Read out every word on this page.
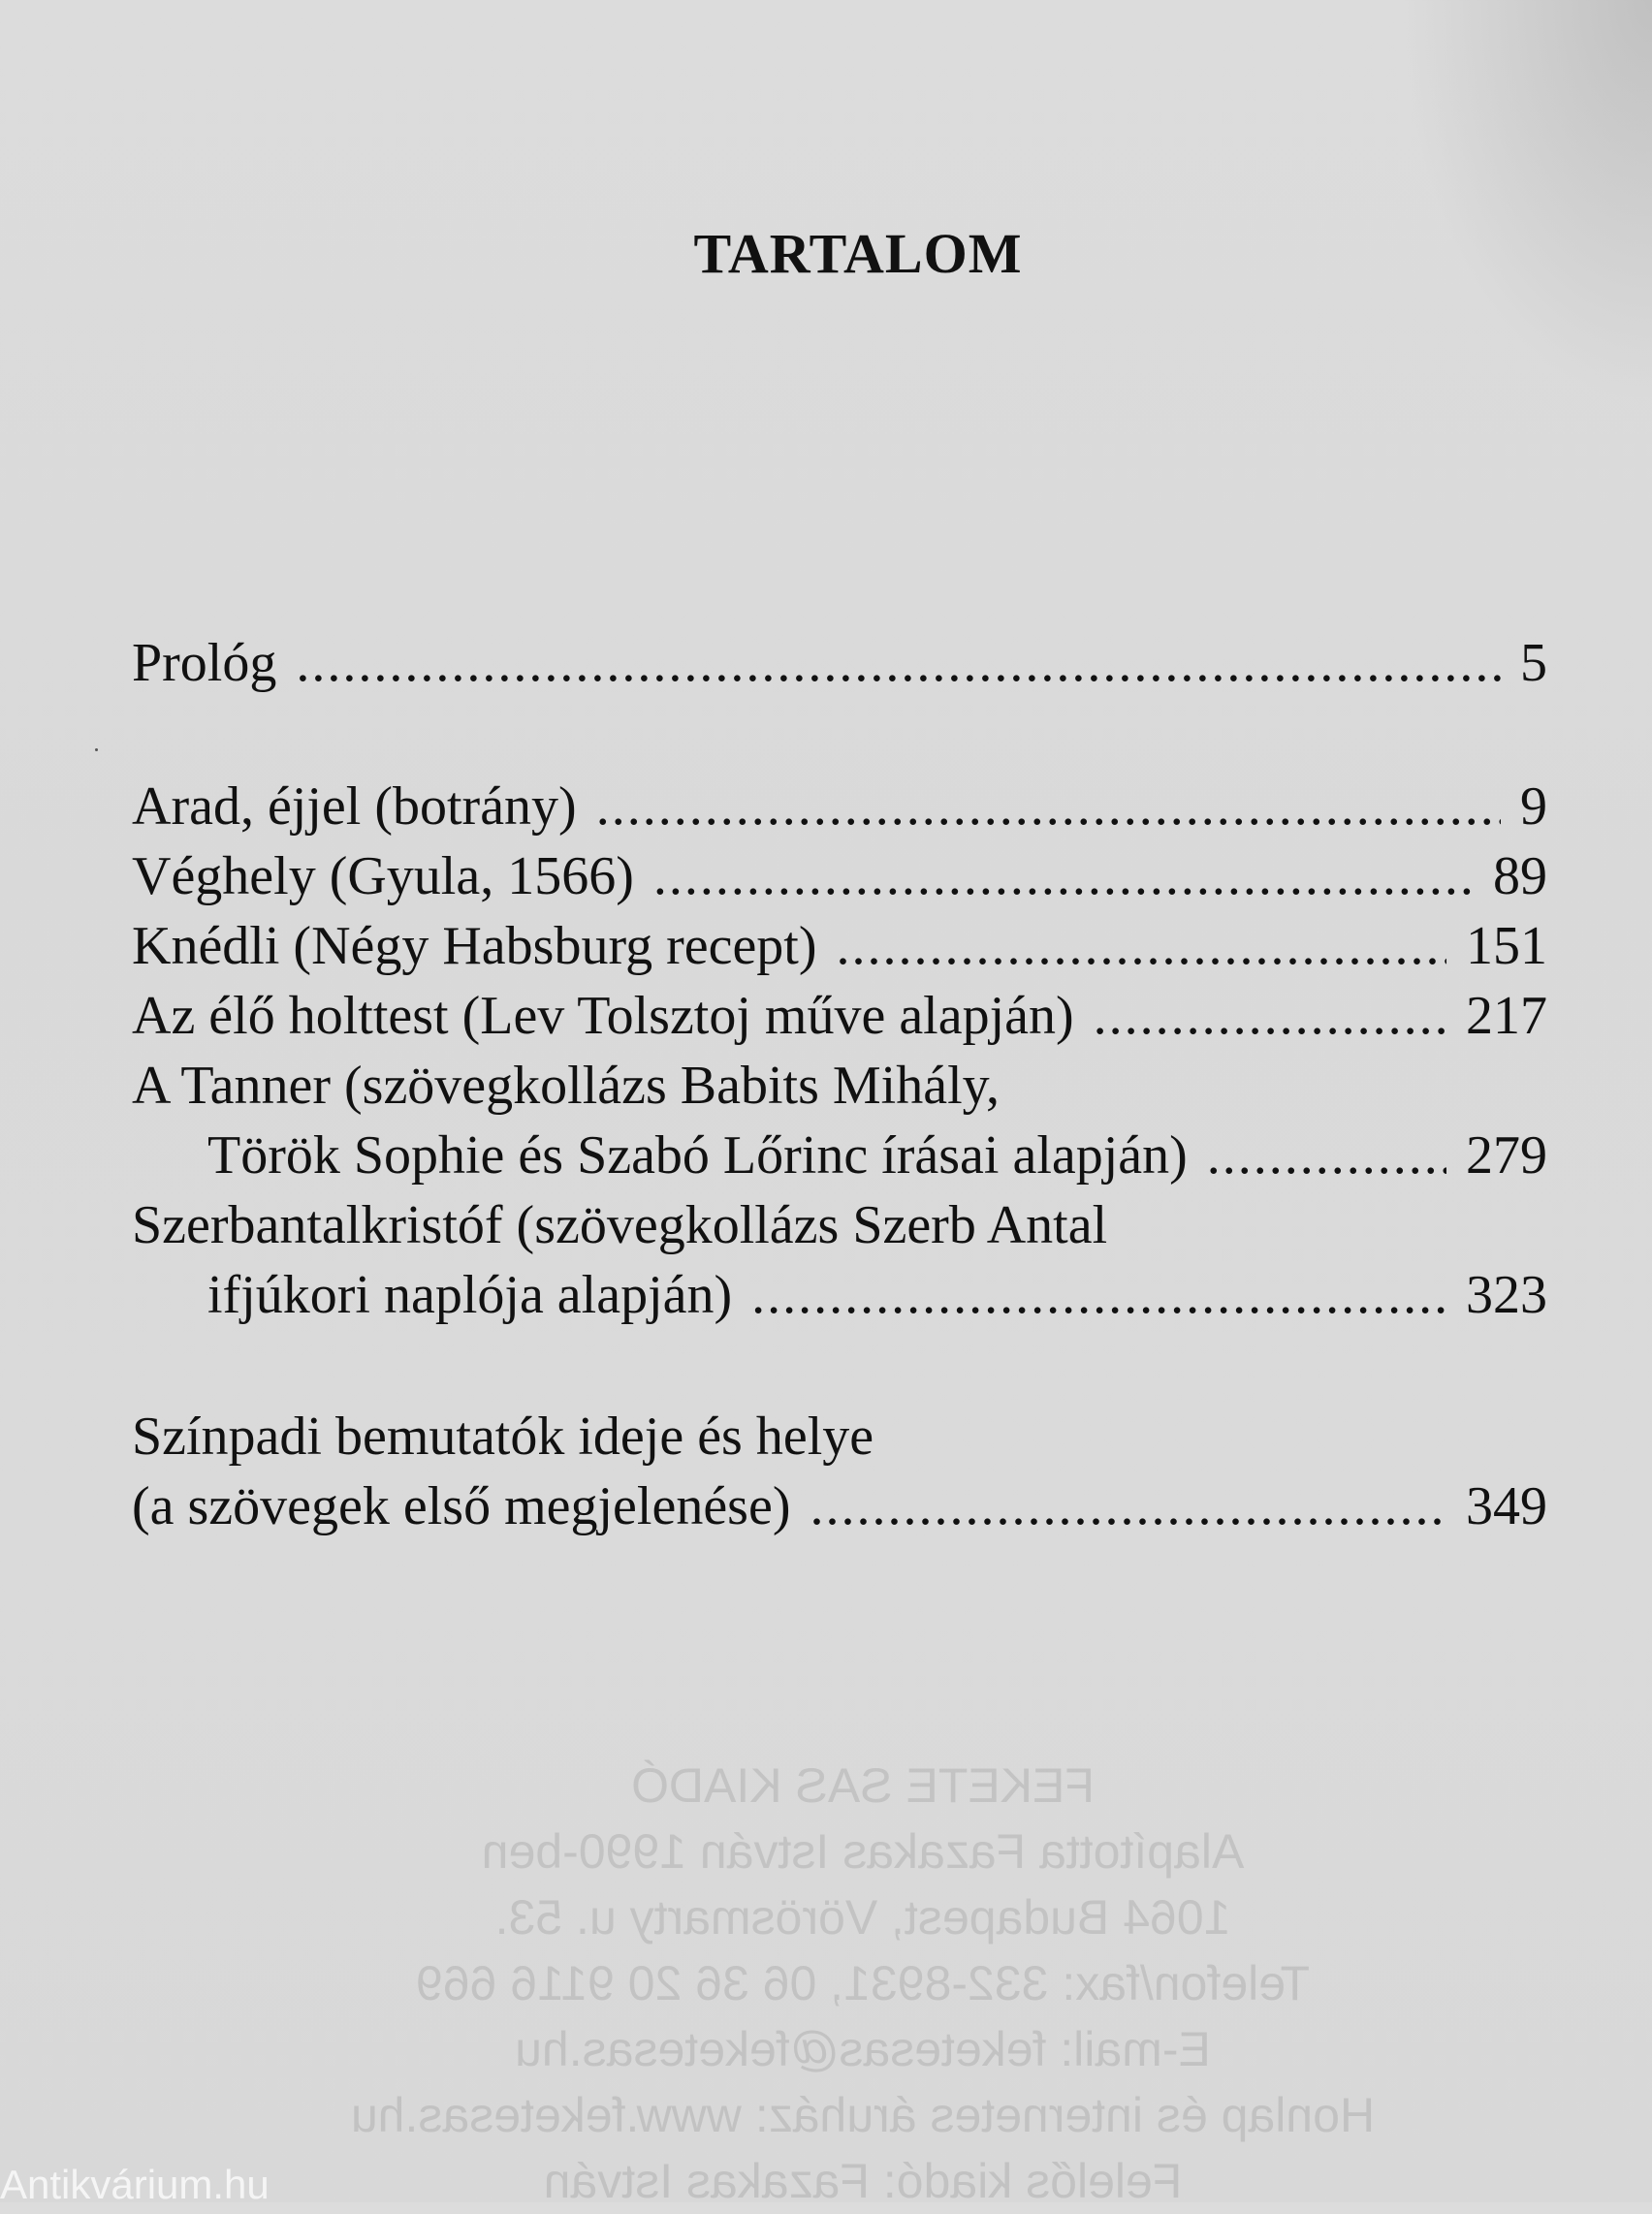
TARTALOM
Prológ .....	5
Arad, éjjel (botrány) .....	9
Véghely (Gyula, 1566) .....	89
Knédli (Négy Habsburg recept) .....	151
Az élő holttest (Lev Tolsztoj műve alapján) .....	217
A Tanner (szövegkollázs Babits Mihály,
Török Sophie és Szabó Lőrinc írásai alapján) .....	279
Szerbantalkristóf (szövegkollázs Szerb Antal
ifjúkori naplója alapján) .....	323
Színpadi bemutatók ideje és helye
(a szövegek első megjelenése) .....	349
FEKETE SAS KIADÓ
Alapította Fazakas István 1990-ben
1064 Budapest, Vörösmarty u. 53.
Telefon/fax: 332-8931, 06 36 20 9116 669
E-mail: feketesas@feketesas.hu
Honlap és internetes áruház: www.feketesas.hu
Felelős kiadó: Fazakas István
Antikvárium.hu
